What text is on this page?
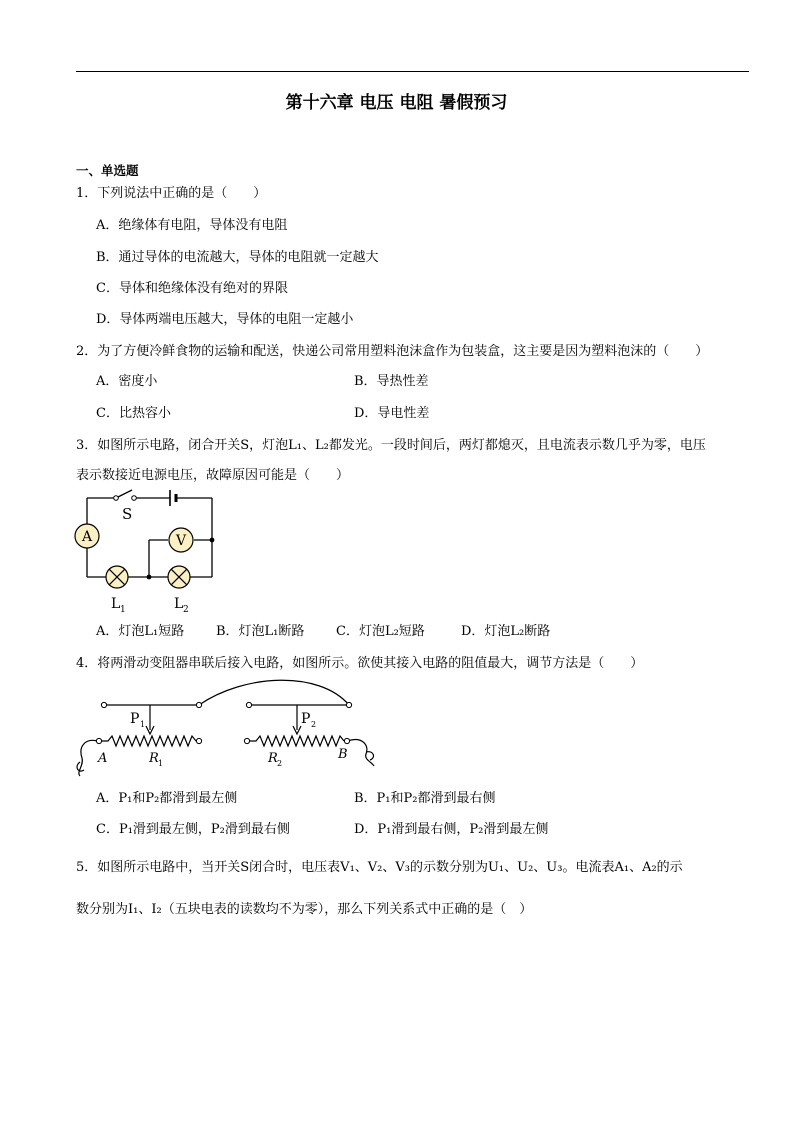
第十六章 电压 电阻 暑假预习
一、单选题
1．下列说法中正确的是（　　）
A．绝缘体有电阻，导体没有电阻
B．通过导体的电流越大，导体的电阻就一定越大
C．导体和绝缘体没有绝对的界限
D．导体两端电压越大，导体的电阻一定越小
2．为了方便冷鲜食物的运输和配送，快递公司常用塑料泡沫盒作为包装盒，这主要是因为塑料泡沫的（　　）
A．密度小	B．导热性差
C．比热容小	D．导电性差
3．如图所示电路，闭合开关S，灯泡L₁、L₂都发光。一段时间后，两灯都熄灭，且电流表示数几乎为零，电压
表示数接近电源电压，故障原因可能是（　　）
A	V
S
L 1	L 2
A．灯泡L₁短路 B．灯泡L₁断路 C．灯泡L₂短路	D．灯泡L₂断路
4．将两滑动变阻器串联后接入电路，如图所示。欲使其接入电路的阻值最大，调节方法是（　　）
P 1	P 2
R 1	R 2
A	B
A．P₁和P₂都滑到最左侧	B．P₁和P₂都滑到最右侧
C．P₁滑到最左侧，P₂滑到最右侧	D．P₁滑到最右侧，P₂滑到最左侧
5．如图所示电路中，当开关S闭合时，电压表V₁、V₂、V₃的示数分别为U₁、U₂、U₃。电流表A₁、A₂的示
数分别为I₁、I₂（五块电表的读数均不为零），那么下列关系式中正确的是（　）
